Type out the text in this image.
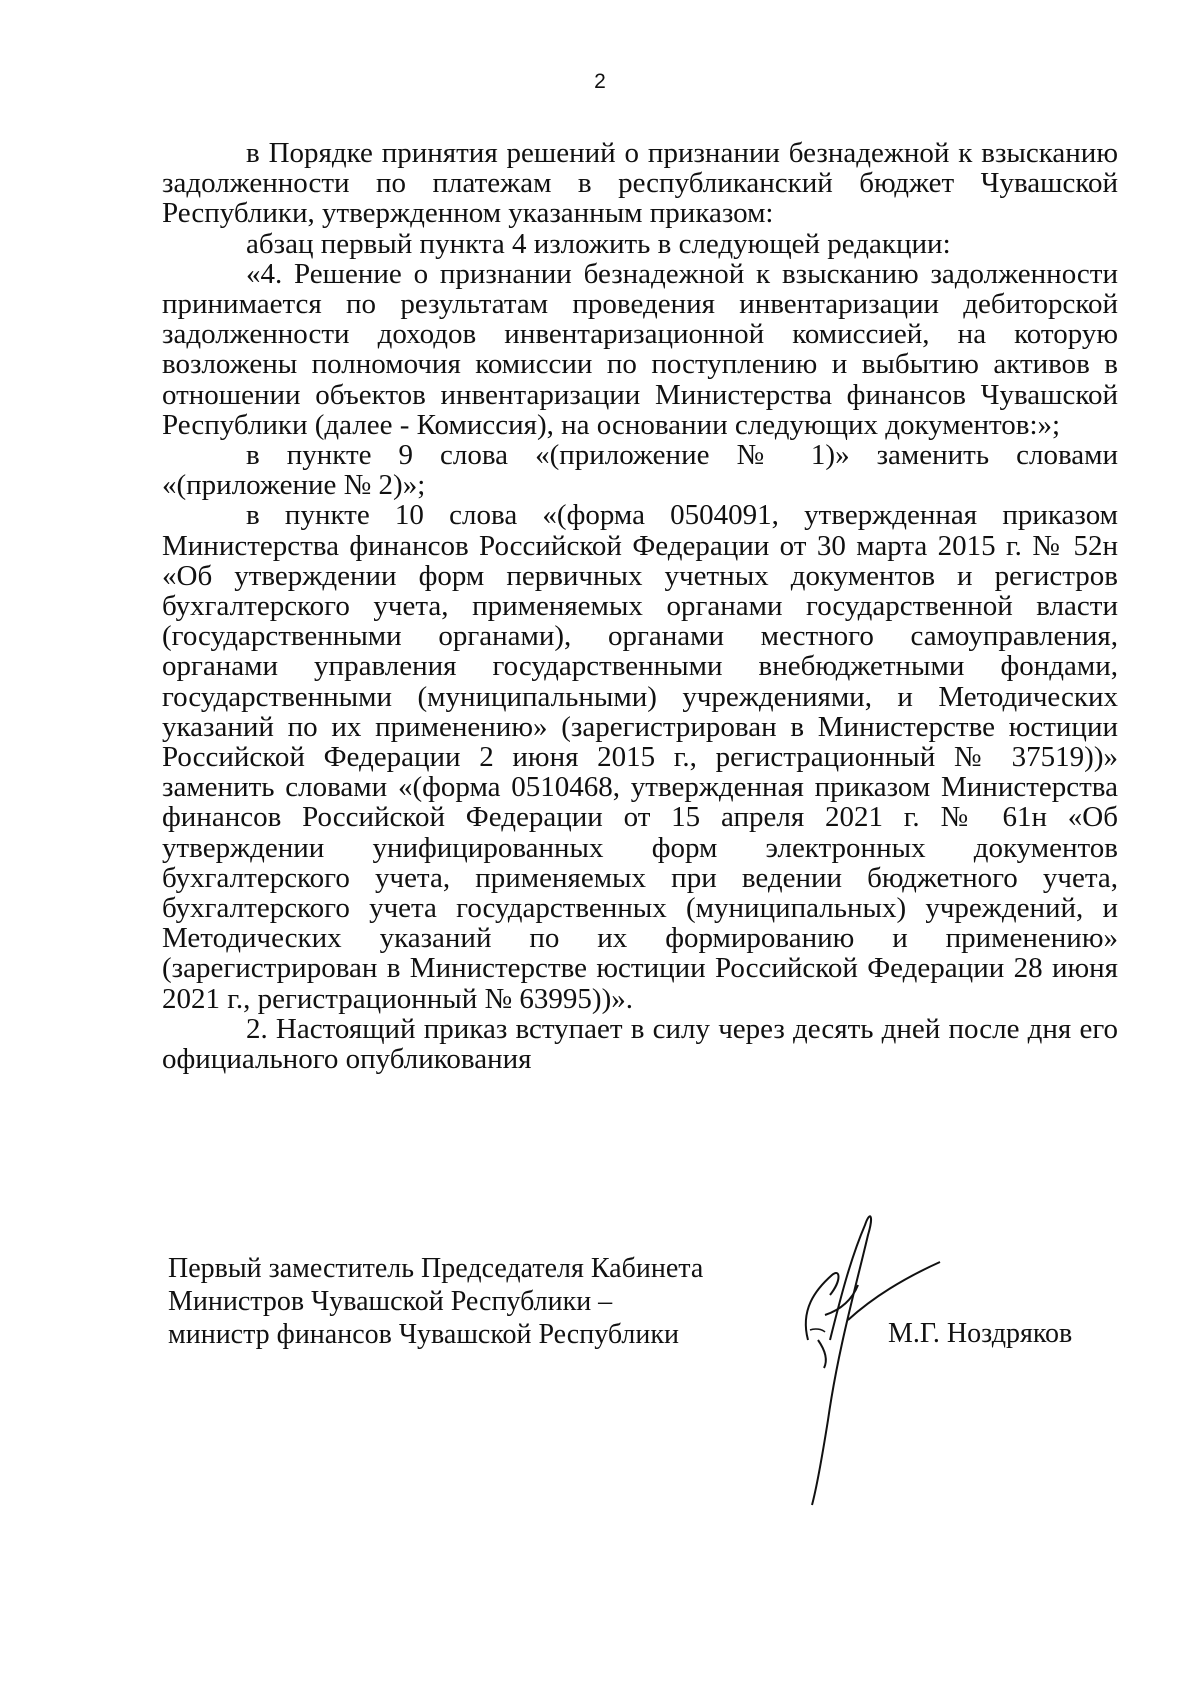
2

в Порядке принятия решений о признании безнадежной к взысканию задолженности по платежам в республиканский бюджет Чувашской Республики, утвержденном указанным приказом:

абзац первый пункта 4 изложить в следующей редакции:

«4. Решение о признании безнадежной к взысканию задолженности принимается по результатам проведения инвентаризации дебиторской задолженности доходов инвентаризационной комиссией, на которую возложены полномочия комиссии по поступлению и выбытию активов в отношении объектов инвентаризации Министерства финансов Чувашской Республики (далее - Комиссия), на основании следующих документов:»;

в пункте 9 слова «(приложение № 1)» заменить словами «(приложение № 2)»;

в пункте 10 слова «(форма 0504091, утвержденная приказом Министерства финансов Российской Федерации от 30 марта 2015 г. № 52н «Об утверждении форм первичных учетных документов и регистров бухгалтерского учета, применяемых органами государственной власти (государственными органами), органами местного самоуправления, органами управления государственными внебюджетными фондами, государственными (муниципальными) учреждениями, и Методических указаний по их применению» (зарегистрирован в Министерстве юстиции Российской Федерации 2 июня 2015 г., регистрационный № 37519))» заменить словами «(форма 0510468, утвержденная приказом Министерства финансов Российской Федерации от 15 апреля 2021 г. № 61н «Об утверждении унифицированных форм электронных документов бухгалтерского учета, применяемых при ведении бюджетного учета, бухгалтерского учета государственных (муниципальных) учреждений, и Методических указаний по их формированию и применению» (зарегистрирован в Министерстве юстиции Российской Федерации 28 июня 2021 г., регистрационный № 63995))».

2. Настоящий приказ вступает в силу через десять дней после дня его официального опубликования

Первый заместитель Председателя Кабинета
Министров Чувашской Республики –
министр финансов Чувашской Республики	М.Г. Ноздряков
